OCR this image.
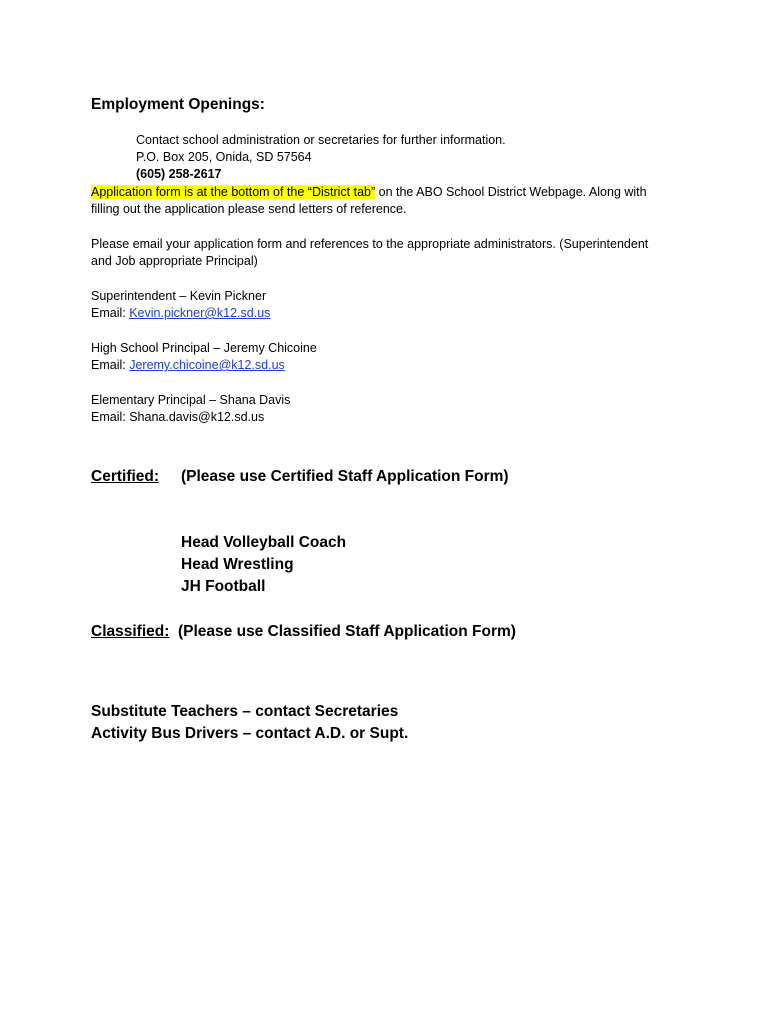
Employment Openings:
Contact school administration or secretaries for further information.
P.O. Box 205, Onida, SD 57564
(605) 258-2617
Application form is at the bottom of the “District tab” on the ABO School District Webpage. Along with
filling out the application please send letters of reference.
Please email your application form and references to the appropriate administrators. (Superintendent
and Job appropriate Principal)
Superintendent – Kevin Pickner
Email: Kevin.pickner@k12.sd.us
High School Principal – Jeremy Chicoine
Email: Jeremy.chicoine@k12.sd.us
Elementary Principal – Shana Davis
Email: Shana.davis@k12.sd.us
Certified: (Please use Certified Staff Application Form)
Head Volleyball Coach
Head Wrestling
JH Football
Classified:  (Please use Classified Staff Application Form)
Substitute Teachers – contact Secretaries
Activity Bus Drivers – contact A.D. or Supt.
